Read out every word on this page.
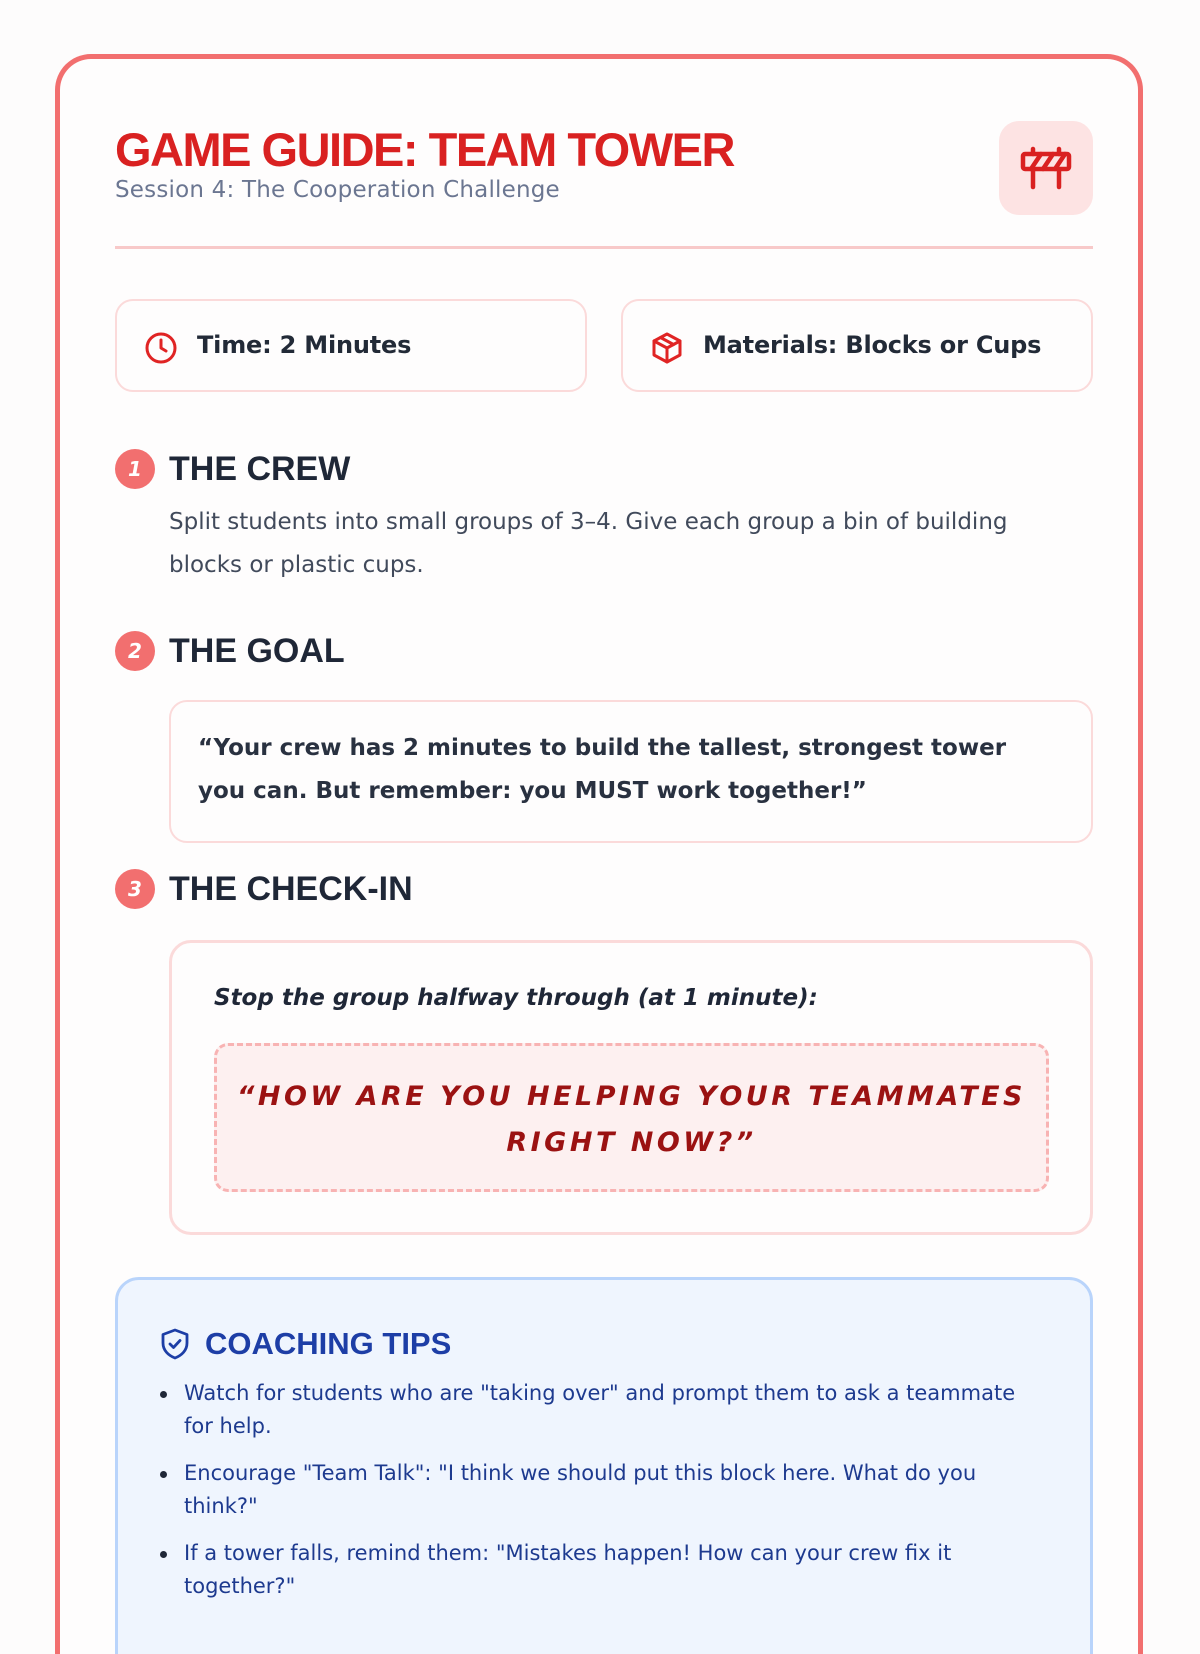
GAME GUIDE: TEAM TOWER
Session 4: The Cooperation Challenge
Time: 2 Minutes	Materials: Blocks or Cups
1 THE CREW

Split students into small groups of 3–4. Give each group a bin of building blocks or plastic cups.

2 THE GOAL

“Your crew has 2 minutes to build the tallest, strongest tower you can. But remember: you MUST work together!”

3 THE CHECK-IN

Stop the group halfway through (at 1 minute):

“HOW ARE YOU HELPING YOUR TEAMMATES RIGHT NOW?”

COACHING TIPS
Watch for students who are "taking over" and prompt them to ask a teammate for help.
Encourage "Team Talk": "I think we should put this block here. What do you think?"
If a tower falls, remind them: "Mistakes happen! How can your crew fix it together?"
